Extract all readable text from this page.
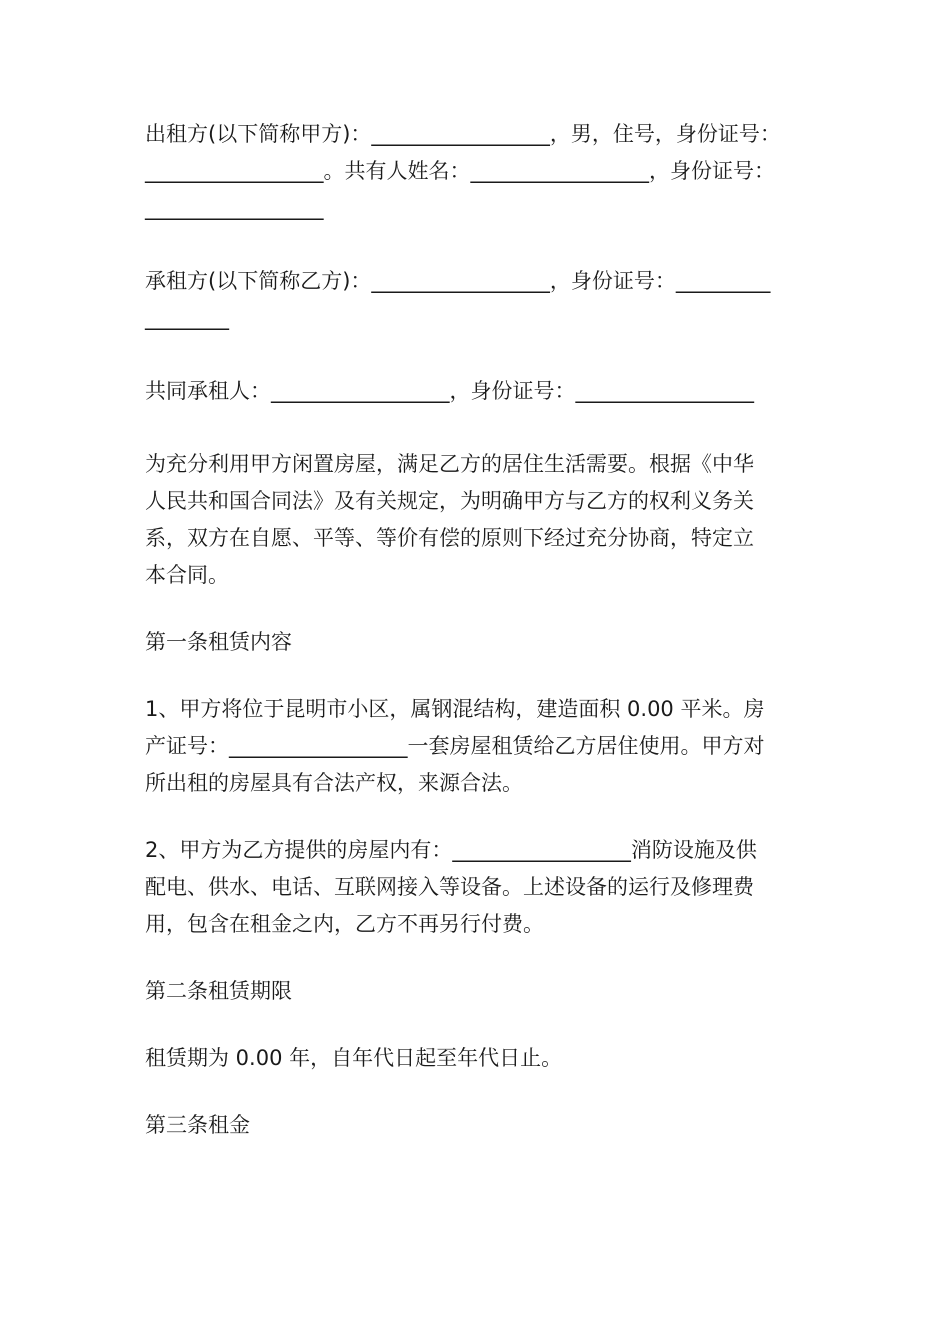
出租方(以下简称甲方)：_________________，男，住号，身份证号：

_________________。共有人姓名：_________________，身份证号：

_________________

承租方(以下简称乙方)：_________________，身份证号：_________

________

共同承租人：_________________，身份证号：_________________

为充分利用甲方闲置房屋，满足乙方的居住生活需要。根据《中华

人民共和国合同法》及有关规定，为明确甲方与乙方的权利义务关

系，双方在自愿、平等、等价有偿的原则下经过充分协商，特定立

本合同。

第一条租赁内容

1、甲方将位于昆明市小区，属钢混结构，建造面积 0.00 平米。房

产证号：_________________一套房屋租赁给乙方居住使用。甲方对

所出租的房屋具有合法产权，来源合法。

2、甲方为乙方提供的房屋内有：_________________消防设施及供

配电、供水、电话、互联网接入等设备。上述设备的运行及修理费

用，包含在租金之内，乙方不再另行付费。

第二条租赁期限

租赁期为 0.00 年，自年代日起至年代日止。

第三条租金
